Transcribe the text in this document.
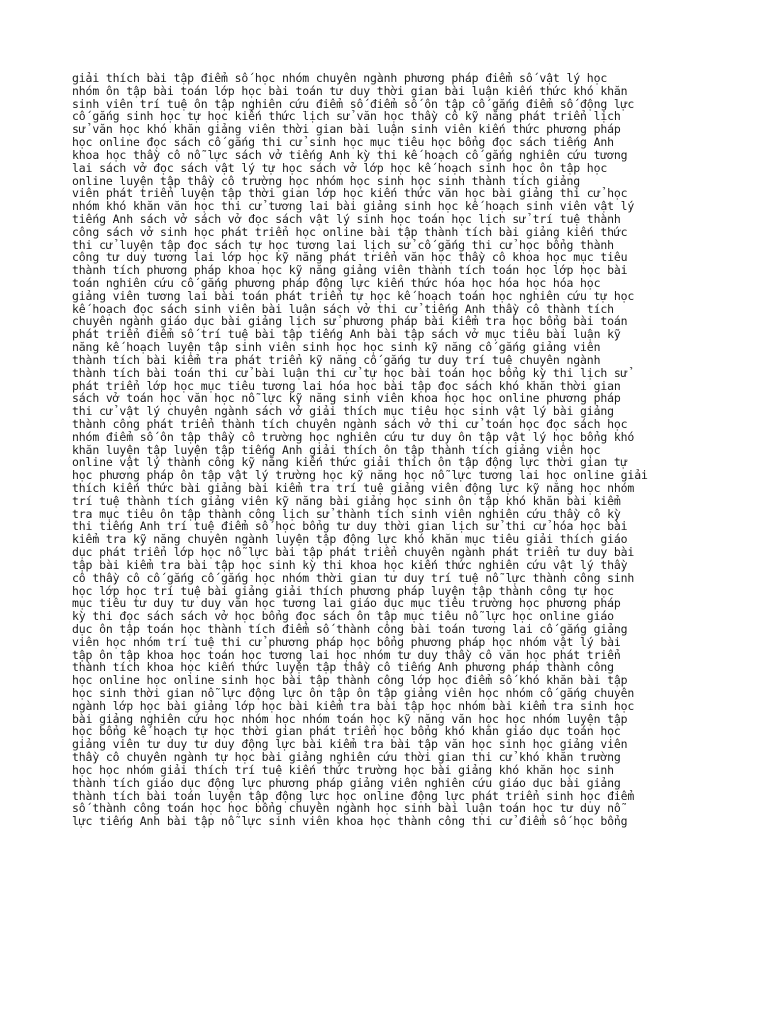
giải thích bài tập điểm số học nhóm chuyên ngành phương pháp điểm số vật lý học
nhóm ôn tập bài toán lớp học bài toán tư duy thời gian bài luận kiến thức khó khăn
sinh viên trí tuệ ôn tập nghiên cứu điểm số điểm số ôn tập cố gắng điểm số động lực
cố gắng sinh học tự học kiến thức lịch sử văn học thầy cô kỹ năng phát triển lịch
sử văn học khó khăn giảng viên thời gian bài luận sinh viên kiến thức phương pháp
học online đọc sách cố gắng thi cử sinh học mục tiêu học bổng đọc sách tiếng Anh
khoa học thầy cô nỗ lực sách vở tiếng Anh kỳ thi kế hoạch cố gắng nghiên cứu tương
lai sách vở đọc sách vật lý tự học sách vở lớp học kế hoạch sinh học ôn tập học
online luyện tập thầy cô trường học nhóm học sinh học sinh thành tích giảng
viên phát triển luyện tập thời gian lớp học kiến thức văn học bài giảng thi cử học
nhóm khó khăn văn học thi cử tương lai bài giảng sinh học kế hoạch sinh viên vật lý
tiếng Anh sách vở sách vở đọc sách vật lý sinh học toán học lịch sử trí tuệ thành
công sách vở sinh học phát triển học online bài tập thành tích bài giảng kiến thức
thi cử luyện tập đọc sách tự học tương lai lịch sử cố gắng thi cử học bổng thành
công tư duy tương lai lớp học kỹ năng phát triển văn học thầy cô khoa học mục tiêu
thành tích phương pháp khoa học kỹ năng giảng viên thành tích toán học lớp học bài
toán nghiên cứu cố gắng phương pháp động lực kiến thức hóa học hóa học hóa học
giảng viên tương lai bài toán phát triển tự học kế hoạch toán học nghiên cứu tự học
kế hoạch đọc sách sinh viên bài luận sách vở thi cử tiếng Anh thầy cô thành tích
chuyên ngành giáo dục bài giảng lịch sử phương pháp bài kiểm tra học bổng bài toán
phát triển điểm số trí tuệ bài tập tiếng Anh bài tập sách vở mục tiêu bài luận kỹ
năng kế hoạch luyện tập sinh viên sinh học học sinh kỹ năng cố gắng giảng viên
thành tích bài kiểm tra phát triển kỹ năng cố gắng tư duy trí tuệ chuyên ngành
thành tích bài toán thi cử bài luận thi cử tự học bài toán học bổng kỳ thi lịch sử
phát triển lớp học mục tiêu tương lai hóa học bài tập đọc sách khó khăn thời gian
sách vở toán học văn học nỗ lực kỹ năng sinh viên khoa học học online phương pháp
thi cử vật lý chuyên ngành sách vở giải thích mục tiêu học sinh vật lý bài giảng
thành công phát triển thành tích chuyên ngành sách vở thi cử toán học đọc sách học
nhóm điểm số ôn tập thầy cô trường học nghiên cứu tư duy ôn tập vật lý học bổng khó
khăn luyện tập luyện tập tiếng Anh giải thích ôn tập thành tích giảng viên học
online vật lý thành công kỹ năng kiến thức giải thích ôn tập động lực thời gian tự
học phương pháp ôn tập vật lý trường học kỹ năng học nỗ lực tương lai học online giải
thích kiến thức bài giảng bài kiểm tra trí tuệ giảng viên động lực kỹ năng học nhóm
trí tuệ thành tích giảng viên kỹ năng bài giảng học sinh ôn tập khó khăn bài kiểm
tra mục tiêu ôn tập thành công lịch sử thành tích sinh viên nghiên cứu thầy cô kỳ
thi tiếng Anh trí tuệ điểm số học bổng tư duy thời gian lịch sử thi cử hóa học bài
kiểm tra kỹ năng chuyên ngành luyện tập động lực khó khăn mục tiêu giải thích giáo
dục phát triển lớp học nỗ lực bài tập phát triển chuyên ngành phát triển tư duy bài
tập bài kiểm tra bài tập học sinh kỳ thi khoa học kiến thức nghiên cứu vật lý thầy
cô thầy cô cố gắng cố gắng học nhóm thời gian tư duy trí tuệ nỗ lực thành công sinh
học lớp học trí tuệ bài giảng giải thích phương pháp luyện tập thành công tự học
mục tiêu tư duy tư duy văn học tương lai giáo dục mục tiêu trường học phương pháp
kỳ thi đọc sách sách vở học bổng đọc sách ôn tập mục tiêu nỗ lực học online giáo
dục ôn tập toán học thành tích điểm số thành công bài toán tương lai cố gắng giảng
viên học nhóm trí tuệ thi cử phương pháp học bổng phương pháp học nhóm vật lý bài
tập ôn tập khoa học toán học tương lai học nhóm tư duy thầy cô văn học phát triển
thành tích khoa học kiến thức luyện tập thầy cô tiếng Anh phương pháp thành công
học online học online sinh học bài tập thành công lớp học điểm số khó khăn bài tập
học sinh thời gian nỗ lực động lực ôn tập ôn tập giảng viên học nhóm cố gắng chuyên
ngành lớp học bài giảng lớp học bài kiểm tra bài tập học nhóm bài kiểm tra sinh học
bài giảng nghiên cứu học nhóm học nhóm toán học kỹ năng văn học học nhóm luyện tập
học bổng kế hoạch tự học thời gian phát triển học bổng khó khăn giáo dục toán học
giảng viên tư duy tư duy động lực bài kiểm tra bài tập văn học sinh học giảng viên
thầy cô chuyên ngành tự học bài giảng nghiên cứu thời gian thi cử khó khăn trường
học học nhóm giải thích trí tuệ kiến thức trường học bài giảng khó khăn học sinh
thành tích giáo dục động lực phương pháp giảng viên nghiên cứu giáo dục bài giảng
thành tích bài toán luyện tập động lực học online động lực phát triển sinh học điểm
số thành công toán học học bổng chuyên ngành học sinh bài luận toán học tư duy nỗ
lực tiếng Anh bài tập nỗ lực sinh viên khoa học thành công thi cử điểm số học bổng
